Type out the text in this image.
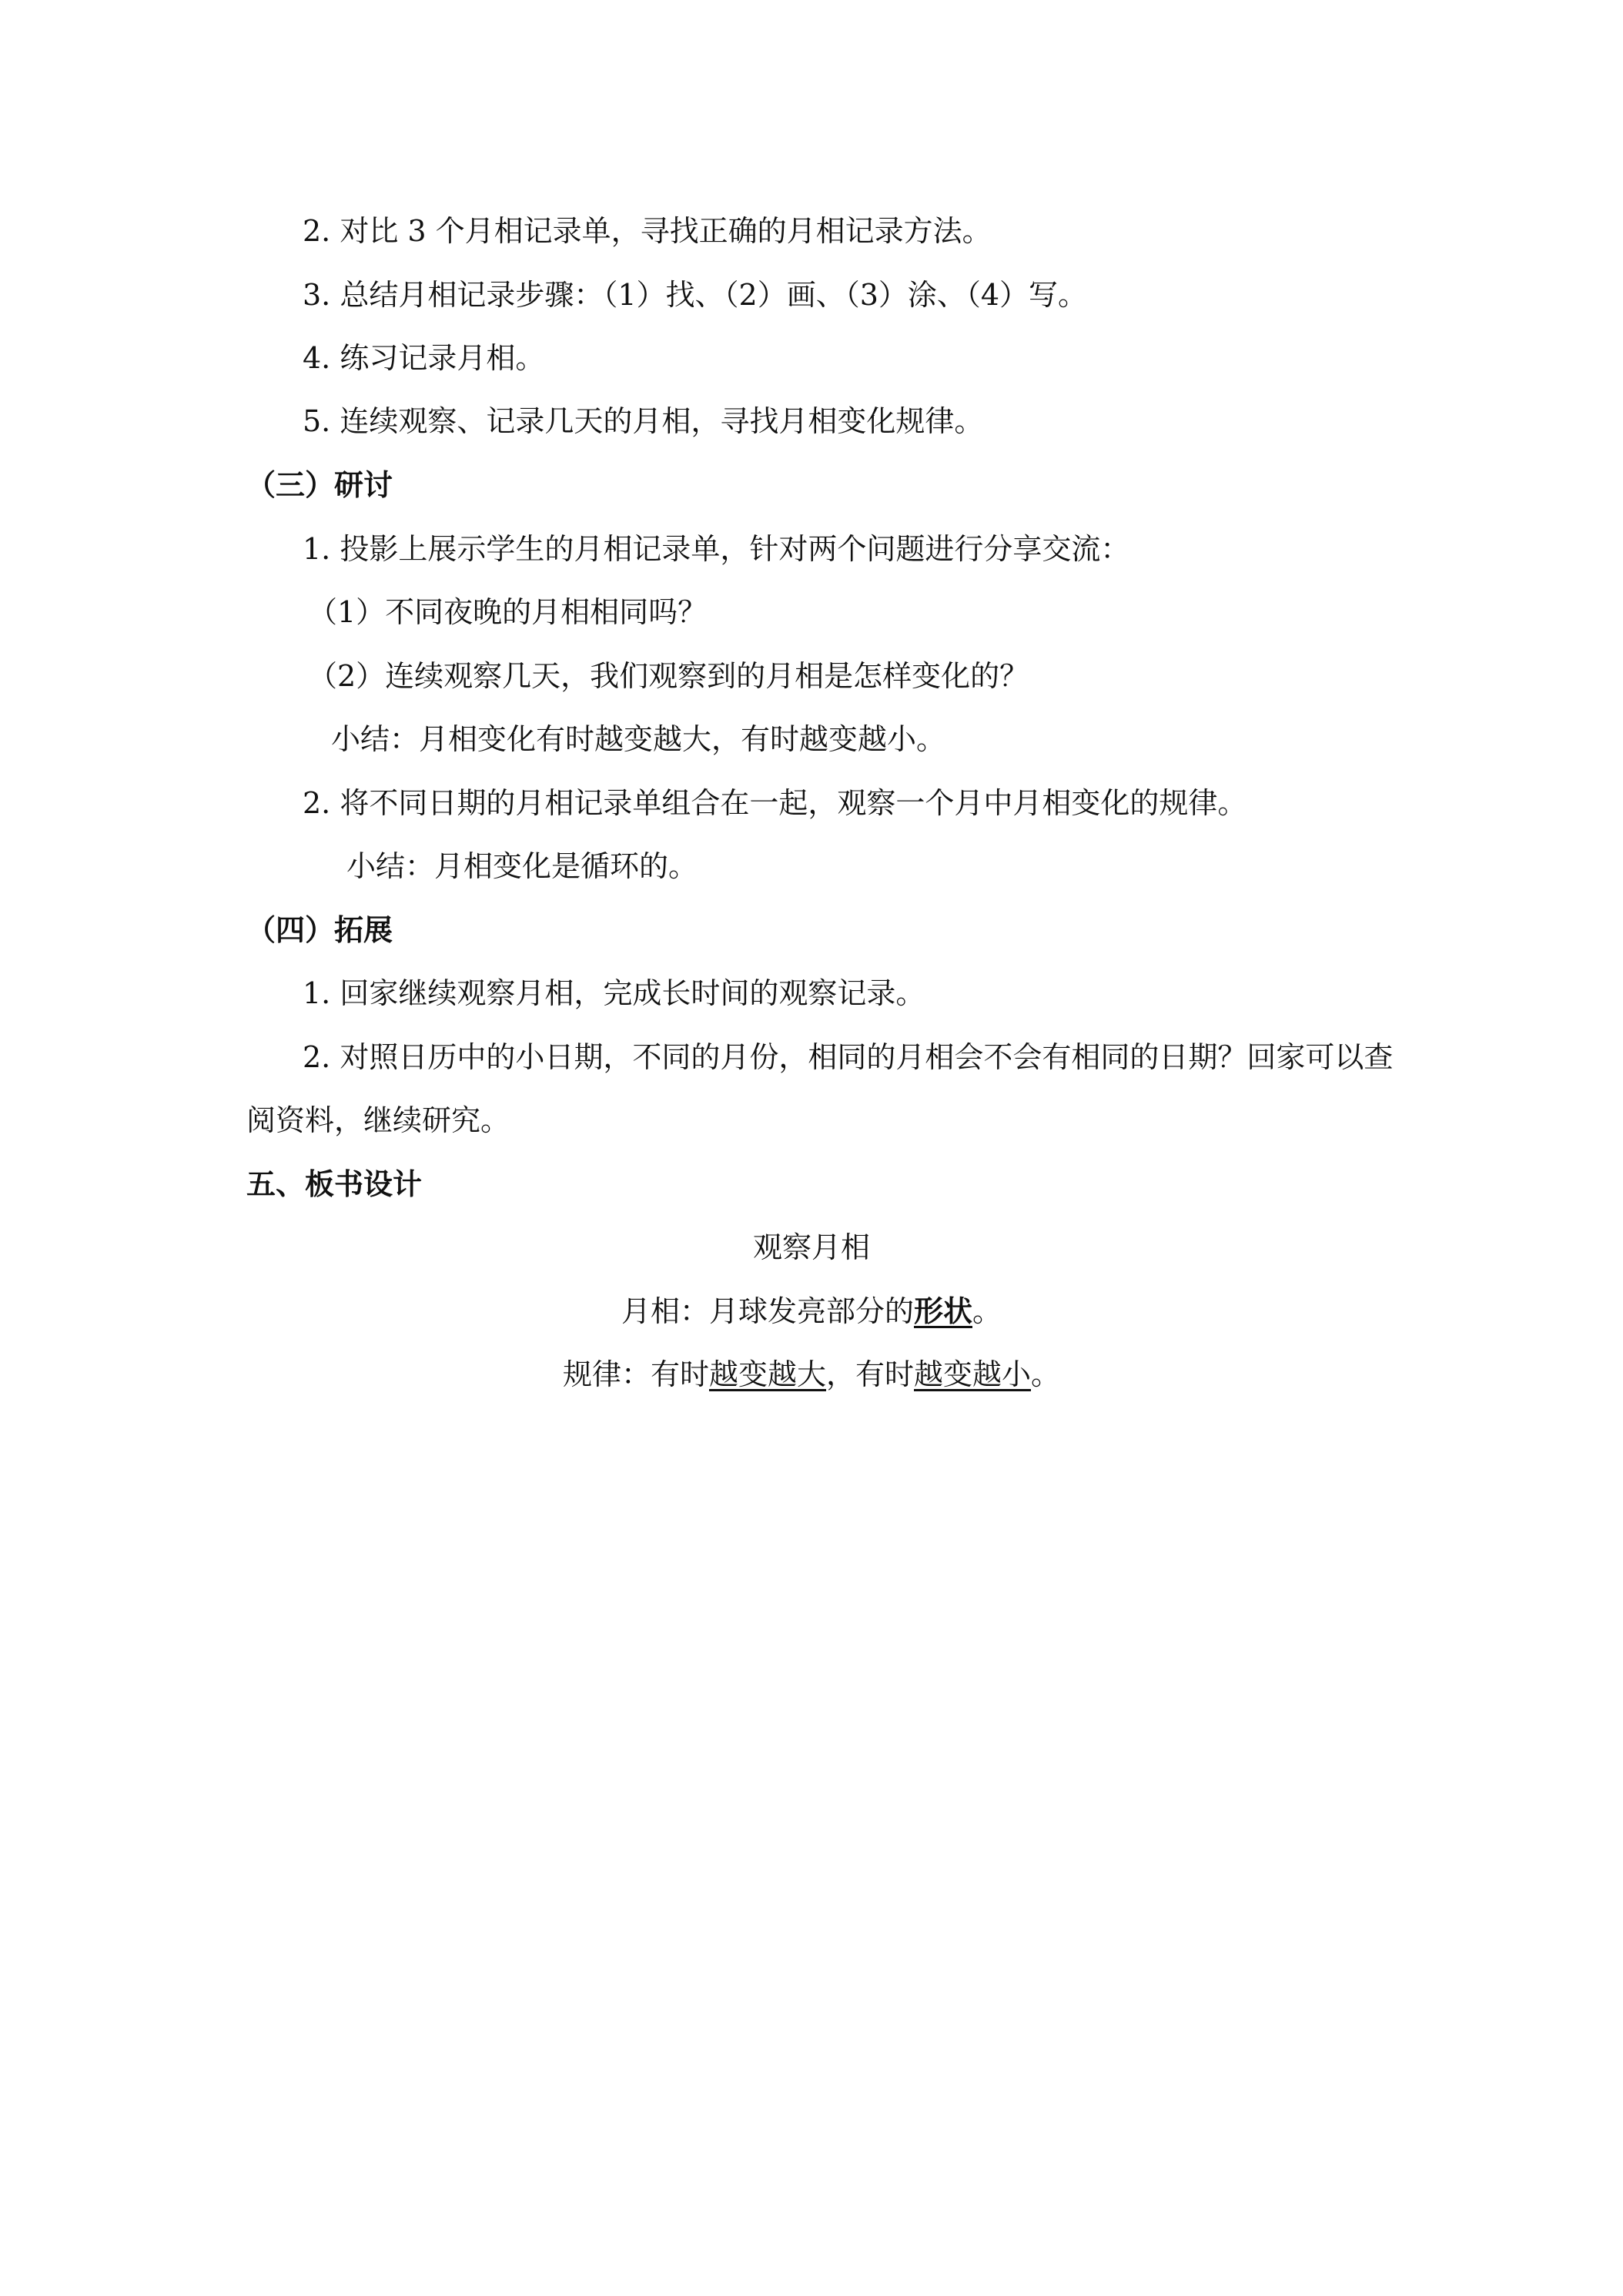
2. 对比 3 个月相记录单，寻找正确的月相记录方法。
3. 总结月相记录步骤：（1）找、（2）画、（3）涂、（4）写。
4. 练习记录月相。
5. 连续观察、记录几天的月相，寻找月相变化规律。
（三）研讨
1. 投影上展示学生的月相记录单，针对两个问题进行分享交流：
（1）不同夜晚的月相相同吗？
（2）连续观察几天，我们观察到的月相是怎样变化的？
小结：月相变化有时越变越大，有时越变越小。
2. 将不同日期的月相记录单组合在一起，观察一个月中月相变化的规律。
小结：月相变化是循环的。
（四）拓展
1. 回家继续观察月相，完成长时间的观察记录。
2. 对照日历中的小日期，不同的月份，相同的月相会不会有相同的日期？回家可以查
阅资料，继续研究。
五、板书设计
观察月相
月相：月球发亮部分的形状。
规律：有时越变越大，有时越变越小。
